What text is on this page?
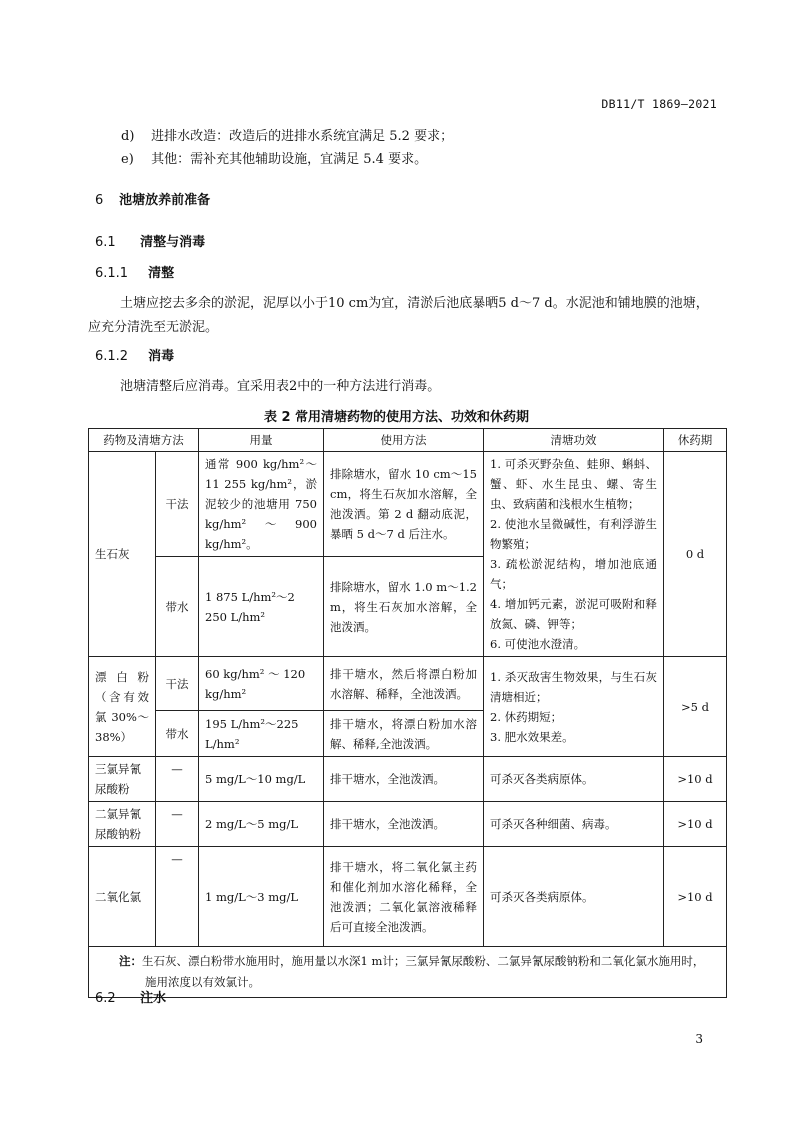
DB11/T 1869—2021
d) 进排水改造：改造后的进排水系统宜满足 5.2 要求；
e) 其他：需补充其他辅助设施，宜满足 5.4 要求。
6 池塘放养前准备
6.1 清整与消毒
6.1.1 清整
土塘应挖去多余的淤泥，泥厚以小于10 cm为宜，清淤后池底暴晒5 d～7 d。水泥池和铺地膜的池塘，应充分清洗至无淤泥。
6.1.2 消毒
池塘清整后应消毒。宜采用表2中的一种方法进行消毒。
表 2 常用清塘药物的使用方法、功效和休药期
药物及清塘方法		用量	使用方法	清塘功效	休药期
生石灰	干法	通常 900 kg/hm²～11 255 kg/hm²，淤泥较少的池塘用 750 kg/hm²～900 kg/hm²。	排除塘水，留水 10 cm～15 cm，将生石灰加水溶解，全池泼洒。第 2 d 翻动底泥，暴晒 5 d～7 d 后注水。	1. 可杀灭野杂鱼、蛙卵、蝌蚪、蟹、虾、水生昆虫、螺、寄生虫、致病菌和浅根水生植物；
2. 使池水呈微碱性，有利浮游生物繁殖；
3. 疏松淤泥结构，增加池底通气；
4. 增加钙元素，淤泥可吸附和释放氮、磷、钾等；
6. 可使池水澄清。	0 d
	带水	1 875 L/hm²～2 250 L/hm²	排除塘水，留水 1.0 m～1.2 m，将生石灰加水溶解，全池泼洒。		
漂白粉（含有效氯 30%～38%）	干法	60 kg/hm² ～ 120 kg/hm²	排干塘水，然后将漂白粉加水溶解、稀释，全池泼洒。	1. 杀灭敌害生物效果，与生石灰清塘相近；
2. 休药期短；
3. 肥水效果差。	>5 d
	带水	195 L/hm²～225 L/hm²	排干塘水，将漂白粉加水溶解、稀释,全池泼洒。		
三氯异氰尿酸粉	—	5 mg/L～10 mg/L	排干塘水，全池泼洒。	可杀灭各类病原体。	>10 d
二氯异氰尿酸钠粉	—	2 mg/L～5 mg/L	排干塘水，全池泼洒。	可杀灭各种细菌、病毒。	>10 d
二氧化氯	—	1 mg/L～3 mg/L	排干塘水，将二氧化氯主药和催化剂加水溶化稀释，全池泼洒；二氧化氯溶液稀释后可直接全池泼洒。	可杀灭各类病原体。	>10 d

注：生石灰、漂白粉带水施用时，施用量以水深1 m计；三氯异氰尿酸粉、二氯异氰尿酸钠粉和二氧化氯水施用时，
施用浓度以有效氯计。					
6.2 注水
3
